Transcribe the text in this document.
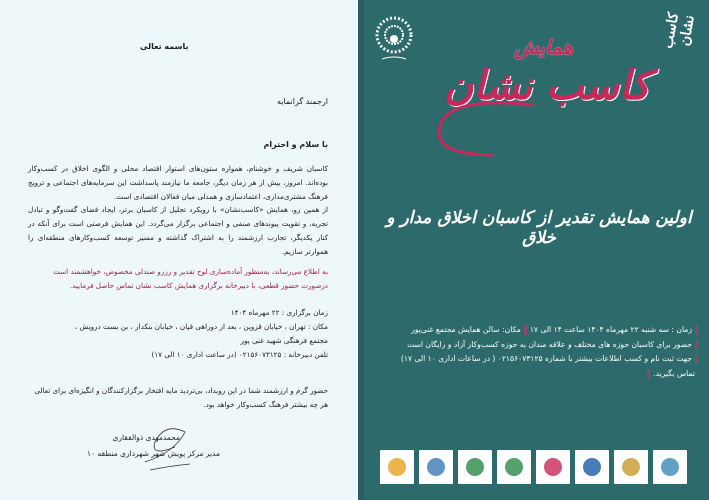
باسمه تعالی
ارجمند گرانمایه
با سلام و احترام

کاسبان شریف و خوشنام، همواره ستون‌های استوار اقتصاد محلی و الگوی اخلاق در کسب‌وکار بوده‌اند. امروز، بیش از هر زمان دیگر، جامعه ما نیازمند پاسداشت این سرمایه‌های اجتماعی و ترویج فرهنگ مشتری‌مداری، اعتمادسازی و همدلی میان فعالان اقتصادی است.

از همین رو، همایش «کاسب‌نشان» با رویکرد تجلیل از کاسبان برتر، ایجاد فضای گفت‌وگو و تبادل تجربه، و تقویت پیوندهای صنفی و اجتماعی برگزار می‌گردد. این همایش فرصتی است برای آنکه در کنار یکدیگر، تجارب ارزشمند را به اشتراک گذاشته و مسیر توسعه کسب‌وکارهای منطقه‌ای را هموارتر سازیم.

به اطلاع می‌رساند، به‌منظور آماده‌سازی لوح تقدیر و رزرو صندلی مخصوص، خواهشمند است درصورت حضور قطعی، با دبیرخانه برگزاری همایش کاسب نشان تماس حاصل فرمایید.
زمان برگزاری : ۲۲ مهرماه ۱۴۰۴
مکان : تهران ، خیابان قزوین ، بعد از دوراهی قپان ، خیابان بنکدار ، بن بست درویش ،
مجتمع فرهنگی شهید غنی پور
تلفن دبیرخانه : ۰۲۱۵۶۰۷۳۱۲۵ (در ساعت اداری ۱۰ الی ۱۷)
حضور گرم و ارزشمند شما در این رویداد، بی‌تردید مایه افتخار برگزارکنندگان و انگیزه‌ای برای تعالی هر چه بیشتر فرهنگ کسب‌وکار خواهد بود.
محمدمهدی ذوالفقاری
مدیر مرکز پویش شهر شهرداری منطقه ۱۰
کاسب نشان
همایش
کاسب نشان
اولین همایش تقدیر از کاسبان اخلاق مدار و خلاق
زمان : سه شنبه ۲۲ مهرماه ۱۴۰۴ ساعت ۱۴ الی ۱۷مکان: سالن همایش مجتمع غنی‌پور
حضور برای کاسبان حوزه های مختلف و علاقه مندان به حوزه کسب‌وکار آزاد و رایگان است
جهت ثبت نام و کسب اطلاعات بیشتر با شماره ۰۲۱۵۶۰۷۳۱۲۵ ( در ساعات اداری ۱۰ الی ۱۷)
تماس بگیرید.
